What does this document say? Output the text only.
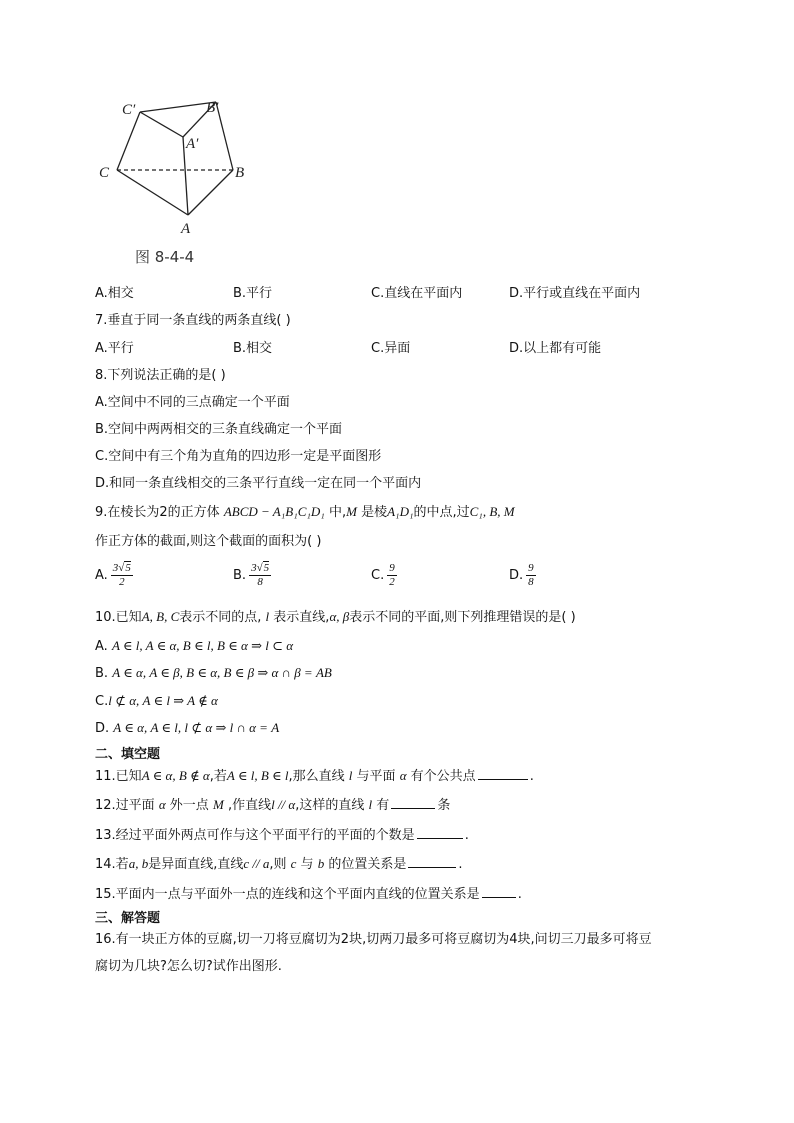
C′	B′
A′
C	B
A
图 8-4-4
A.相交	B.平行	C.直线在平面内	D.平行或直线在平面内
7.垂直于同一条直线的两条直线( )
A.平行	B.相交	C.异面	D.以上都有可能
8.下列说法正确的是( )
A.空间中不同的三点确定一个平面
B.空间中两两相交的三条直线确定一个平面
C.空间中有三个角为直角的四边形一定是平面图形
D.和同一条直线相交的三条平行直线一定在同一个平面内
9.在棱长为2的正方体 ABCD − A₁B₁C₁D₁ 中,M 是棱A₁D₁的中点,过C₁, B, M
作正方体的截面,则这个截面的面积为( )
A. $\frac{3√5}{2}$	B. $\frac{3√5}{8}$	C. $\frac{9}{2}$	D. $\frac{9}{8}$
10.已知A, B, C表示不同的点, l 表示直线,α, β表示不同的平面,则下列推理错误的是( )
A. A ∈ l, A ∈ α, B ∈ l, B ∈ α ⇒ l ⊂ α
B. A ∈ α, A ∈ β, B ∈ α, B ∈ β ⇒ α ∩ β = AB
C.l ⊄ α, A ∈ l ⇒ A ∉ α
D. A ∈ α, A ∈ l, l ⊄ α ⇒ l ∩ α = A
二、填空题
11.已知A ∈ α, B ∉ α,若A ∈ l, B ∈ l,那么直线 l 与平面 α 有个公共点	.
12.过平面 α 外一点 M ,作直线l // α,这样的直线 l 有	条
13.经过平面外两点可作与这个平面平行的平面的个数是	.
14.若a, b是异面直线,直线c // a,则 c 与 b 的位置关系是	.
15.平面内一点与平面外一点的连线和这个平面内直线的位置关系是	.
三、解答题
16.有一块正方体的豆腐,切一刀将豆腐切为2块,切两刀最多可将豆腐切为4块,问切三刀最多可将豆
腐切为几块?怎么切?试作出图形.
